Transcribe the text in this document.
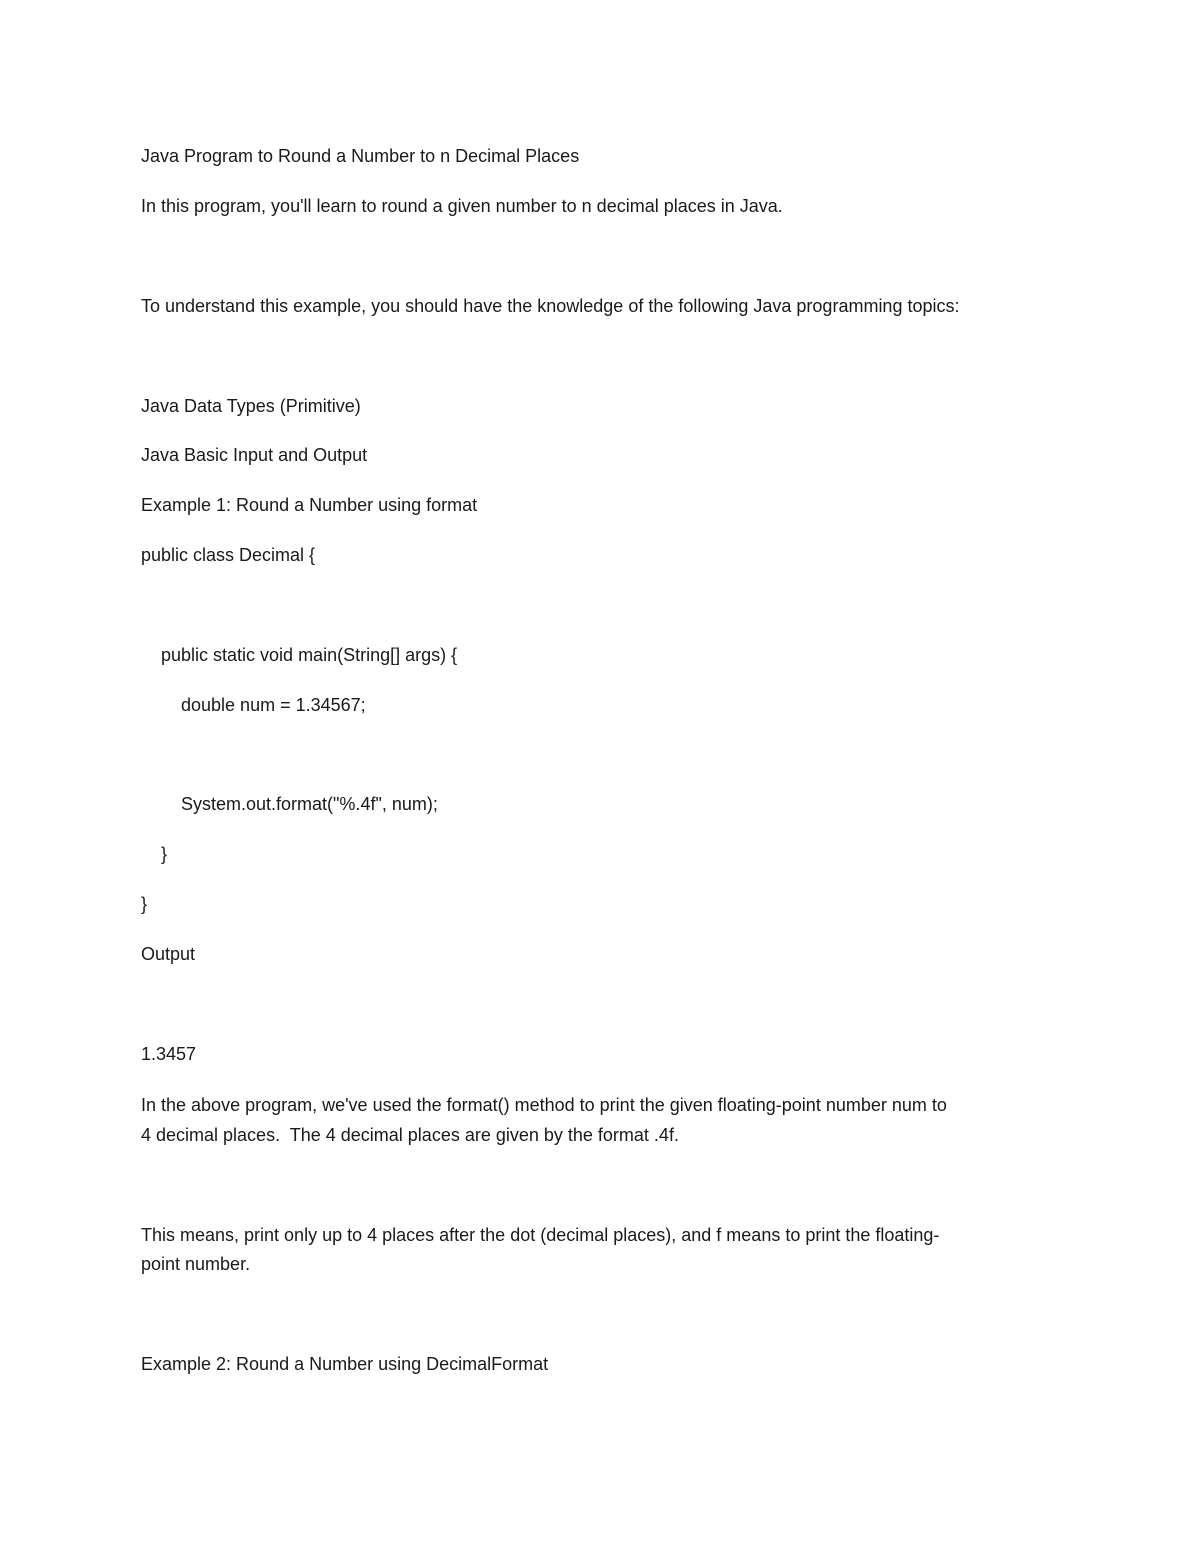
Java Program to Round a Number to n Decimal Places
In this program, you'll learn to round a given number to n decimal places in Java.
To understand this example, you should have the knowledge of the following Java programming topics:
Java Data Types (Primitive)
Java Basic Input and Output
Example 1: Round a Number using format
public class Decimal {
public static void main(String[] args) {
double num = 1.34567;
System.out.format("%.4f", num);
}
}
Output
1.3457
In the above program, we've used the format() method to print the given floating-point number num to
4 decimal places.  The 4 decimal places are given by the format .4f.
This means, print only up to 4 places after the dot (decimal places), and f means to print the floating-
point number.
Example 2: Round a Number using DecimalFormat
